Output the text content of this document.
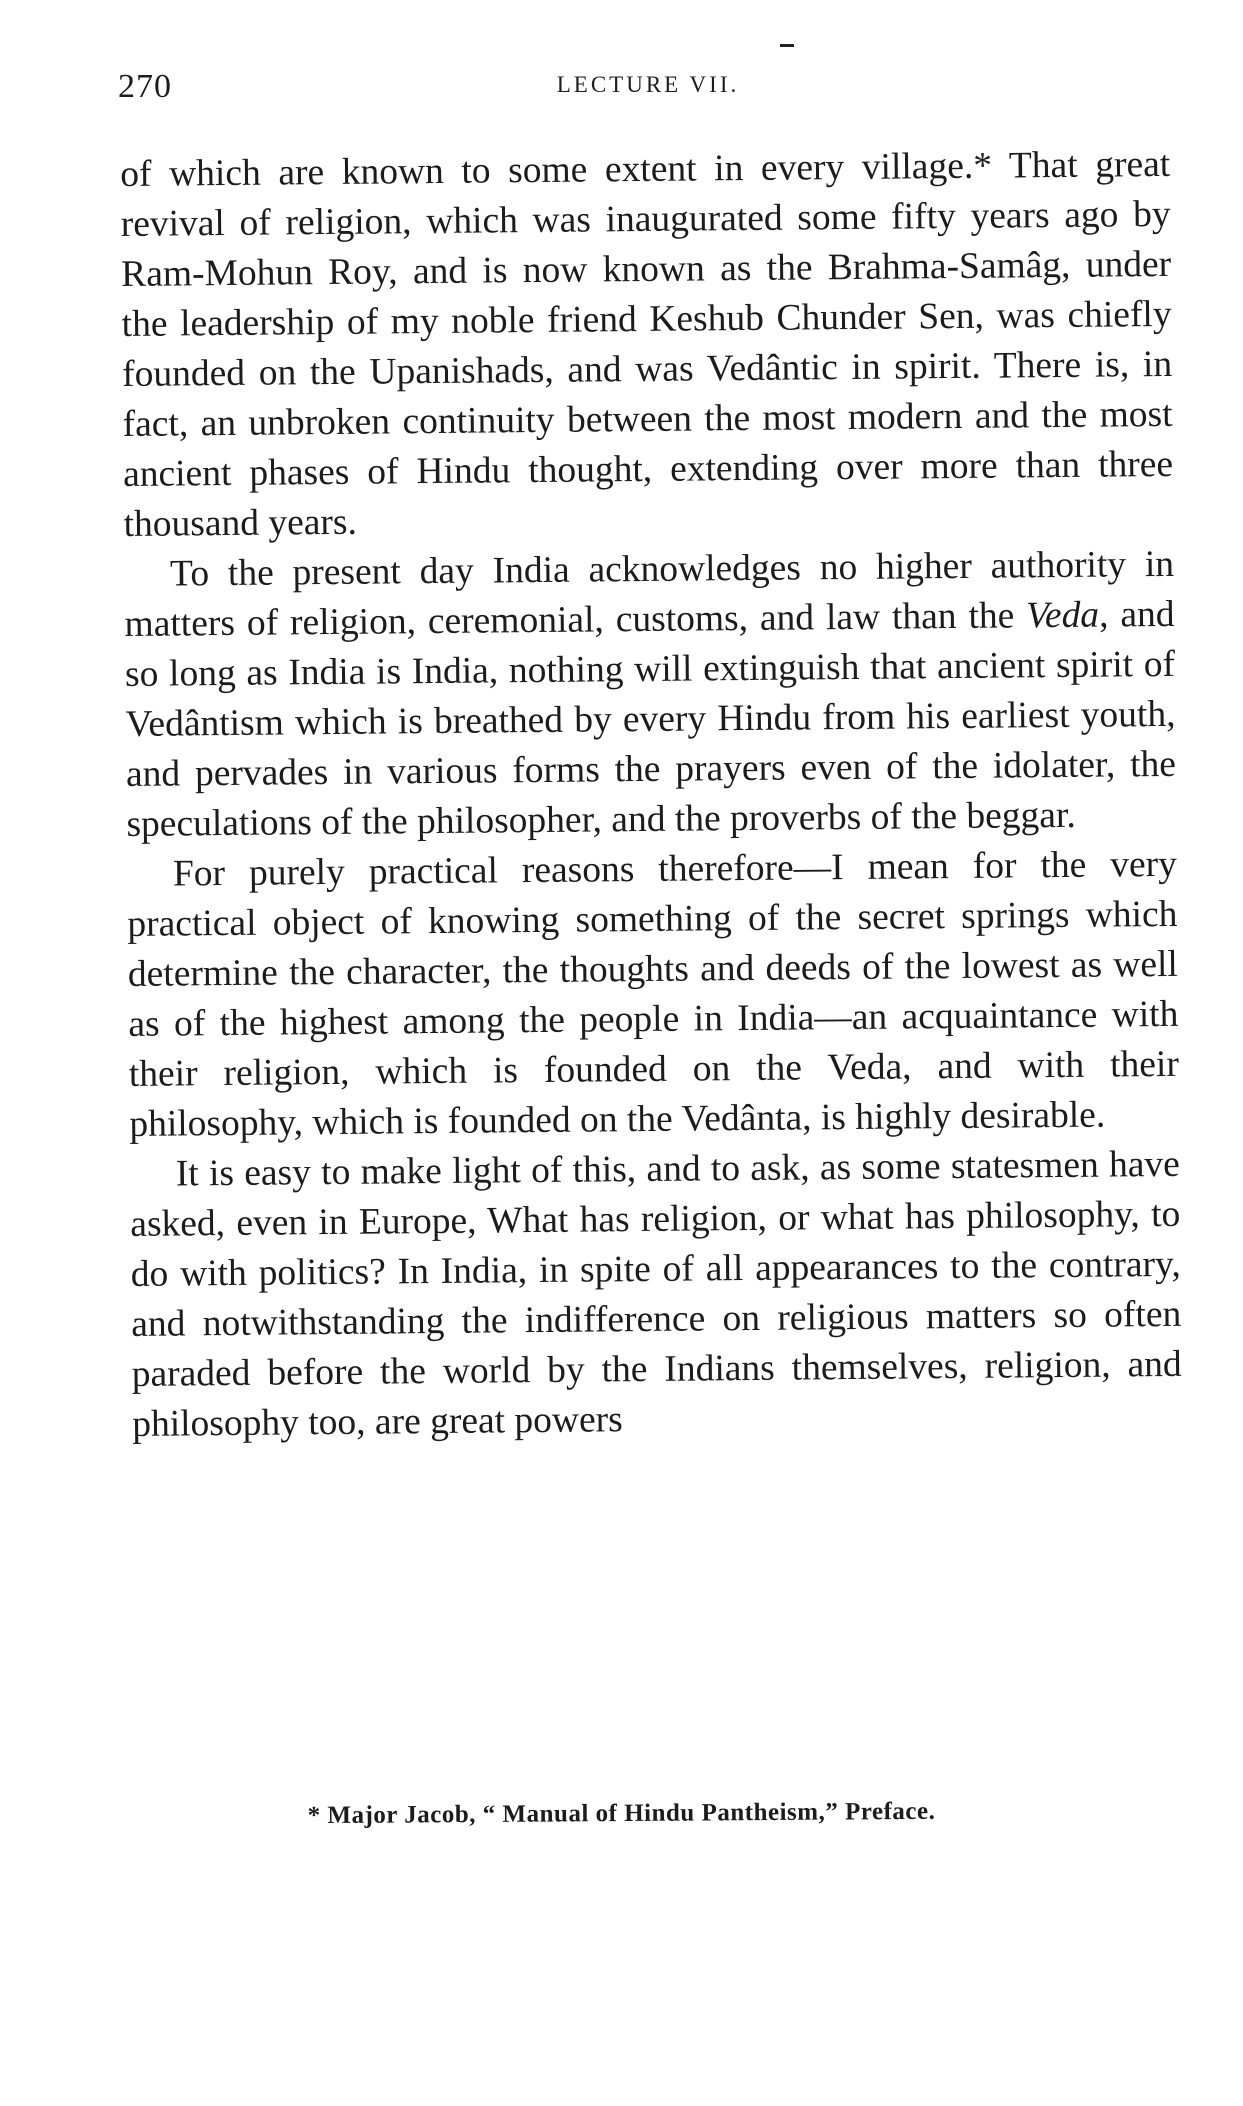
270	LECTURE VII.

of which are known to some extent in every village.* That great revival of religion, which was inaugurated some fifty years ago by Ram-Mohun Roy, and is now known as the Brahma-Samâg, under the leadership of my noble friend Keshub Chunder Sen, was chiefly founded on the Upanishads, and was Vedântic in spirit. There is, in fact, an unbroken continuity between the most modern and the most ancient phases of Hindu thought, extending over more than three thousand years.

To the present day India acknowledges no higher authority in matters of religion, ceremonial, customs, and law than the Veda, and so long as India is India, nothing will extinguish that ancient spirit of Vedântism which is breathed by every Hindu from his earliest youth, and pervades in various forms the prayers even of the idolater, the speculations of the philosopher, and the proverbs of the beggar.

For purely practical reasons therefore—I mean for the very practical object of knowing something of the secret springs which determine the character, the thoughts and deeds of the lowest as well as of the highest among the people in India—an acquaintance with their religion, which is founded on the Veda, and with their philosophy, which is founded on the Vedânta, is highly desirable.

It is easy to make light of this, and to ask, as some statesmen have asked, even in Europe, What has religion, or what has philosophy, to do with politics? In India, in spite of all appearances to the contrary, and notwithstanding the indifference on religious matters so often paraded before the world by the Indians themselves, religion, and philosophy too, are great powers

* Major Jacob, “ Manual of Hindu Pantheism,” Preface.
